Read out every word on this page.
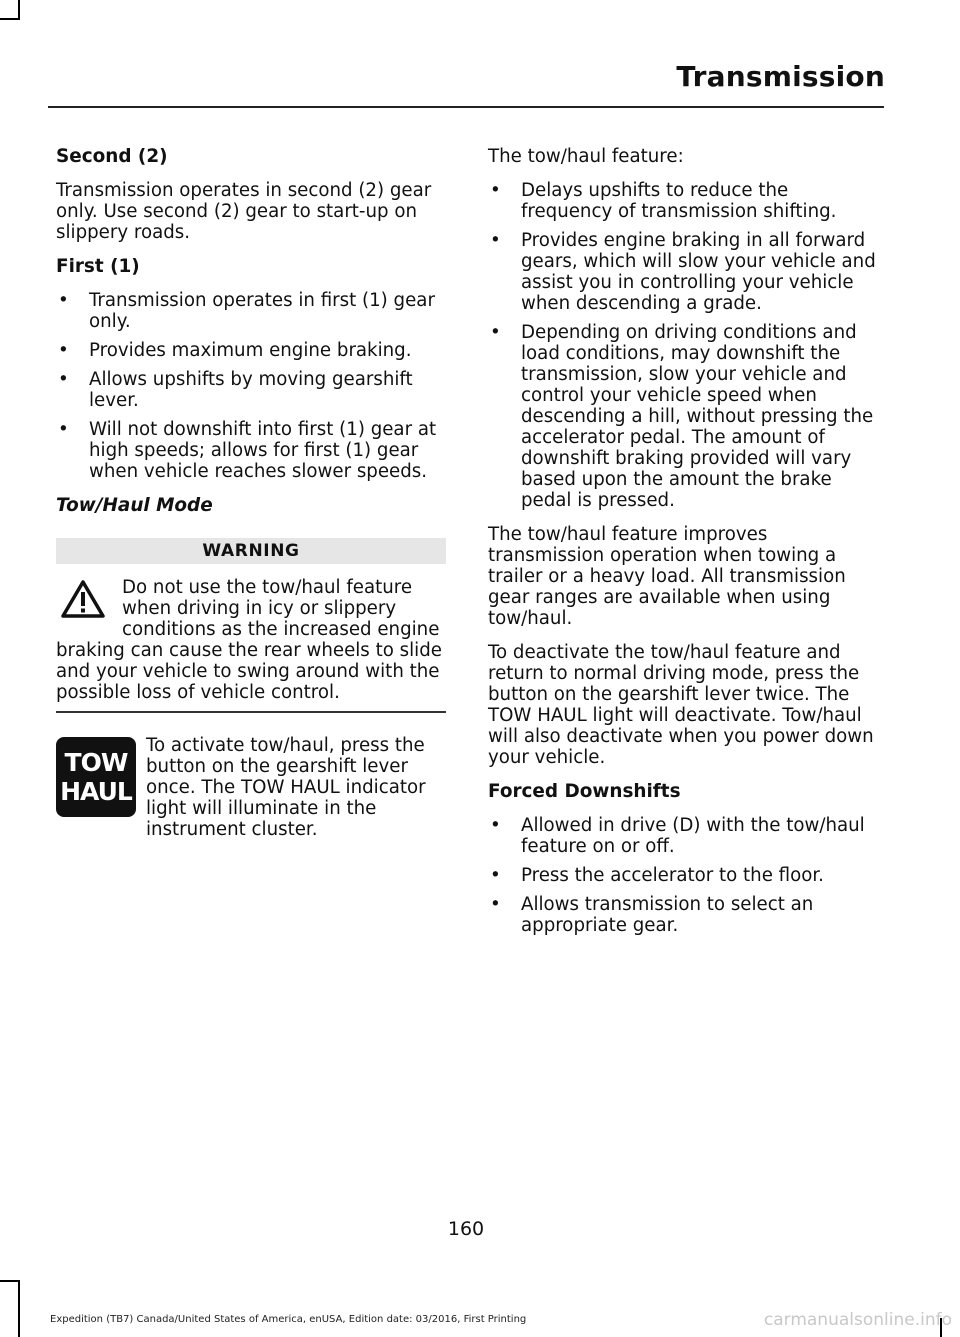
Transmission
Second (2)

Transmission operates in second (2) gear only. Use second (2) gear to start-up on slippery roads.

First (1)
• Transmission operates in first (1) gear only.
• Provides maximum engine braking.
• Allows upshifts by moving gearshift lever.
• Will not downshift into first (1) gear at high speeds; allows for first (1) gear when vehicle reaches slower speeds.
Tow/Haul Mode
WARNING

Do not use the tow/haul feature when driving in icy or slippery conditions as the increased engine braking can cause the rear wheels to slide and your vehicle to swing around with the possible loss of vehicle control.

TOW
HAUL

To activate tow/haul, press the button on the gearshift lever once. The TOW HAUL indicator light will illuminate in the instrument cluster.

The tow/haul feature:

• Delays upshifts to reduce the frequency of transmission shifting.
• Provides engine braking in all forward gears, which will slow your vehicle and assist you in controlling your vehicle when descending a grade.
• Depending on driving conditions and load conditions, may downshift the transmission, slow your vehicle and control your vehicle speed when descending a hill, without pressing the accelerator pedal. The amount of downshift braking provided will vary based upon the amount the brake pedal is pressed.

The tow/haul feature improves transmission operation when towing a trailer or a heavy load. All transmission gear ranges are available when using tow/haul.

To deactivate the tow/haul feature and return to normal driving mode, press the button on the gearshift lever twice. The TOW HAUL light will deactivate. Tow/haul will also deactivate when you power down your vehicle.

Forced Downshifts
• Allowed in drive (D) with the tow/haul feature on or off.
• Press the accelerator to the floor.
• Allows transmission to select an appropriate gear.
160
Expedition (TB7) Canada/United States of America, enUSA, Edition date: 03/2016, First Printing	carmanualsonline.info
